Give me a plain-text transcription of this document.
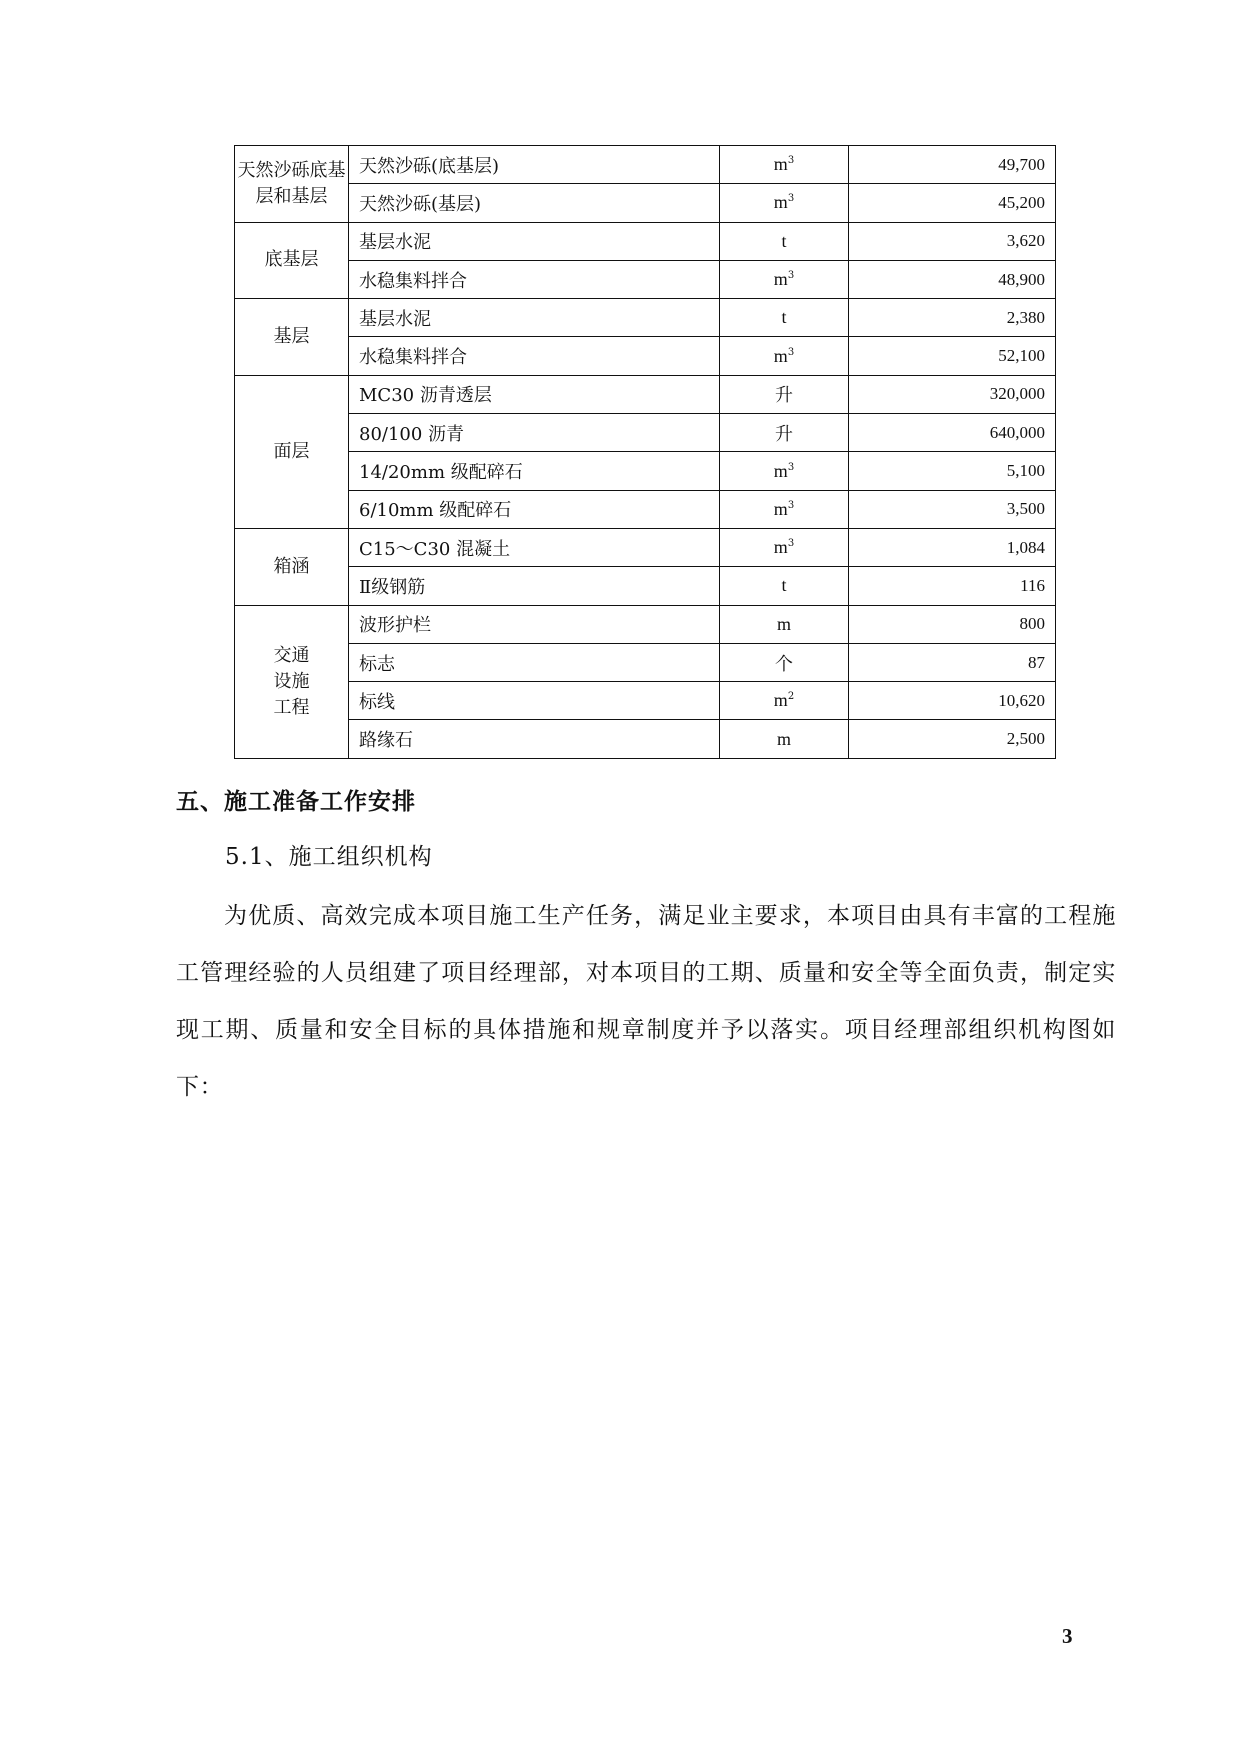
天然沙砾底基层和基层	天然沙砾(底基层)	$m^3$	49,700
	天然沙砾(基层)	$m^3$	45,200
底基层	基层水泥	t	3,620
	水稳集料拌合	$m^3$	48,900
基层	基层水泥	t	2,380
	水稳集料拌合	$m^3$	52,100
面层	MC30 沥青透层	升	320,000
	80/100 沥青	升	640,000
	14/20mm 级配碎石	$m^3$	5,100
	6/10mm 级配碎石	$m^3$	3,500
箱涵	C15～C30 混凝土	$m^3$	1,084
	Ⅱ级钢筋	t	116
交通
设施
工程	波形护栏	m	800
	标志	个	87
	标线	$m^2$	10,620
	路缘石	m	2,500

五、施工准备工作安排

5.1、施工组织机构

为优质、高效完成本项目施工生产任务，满足业主要求，本项目由具有丰富的工程施工管理经验的人员组建了项目经理部，对本项目的工期、质量和安全等全面负责，制定实现工期、质量和安全目标的具体措施和规章制度并予以落实。项目经理部组织机构图如下：

3
